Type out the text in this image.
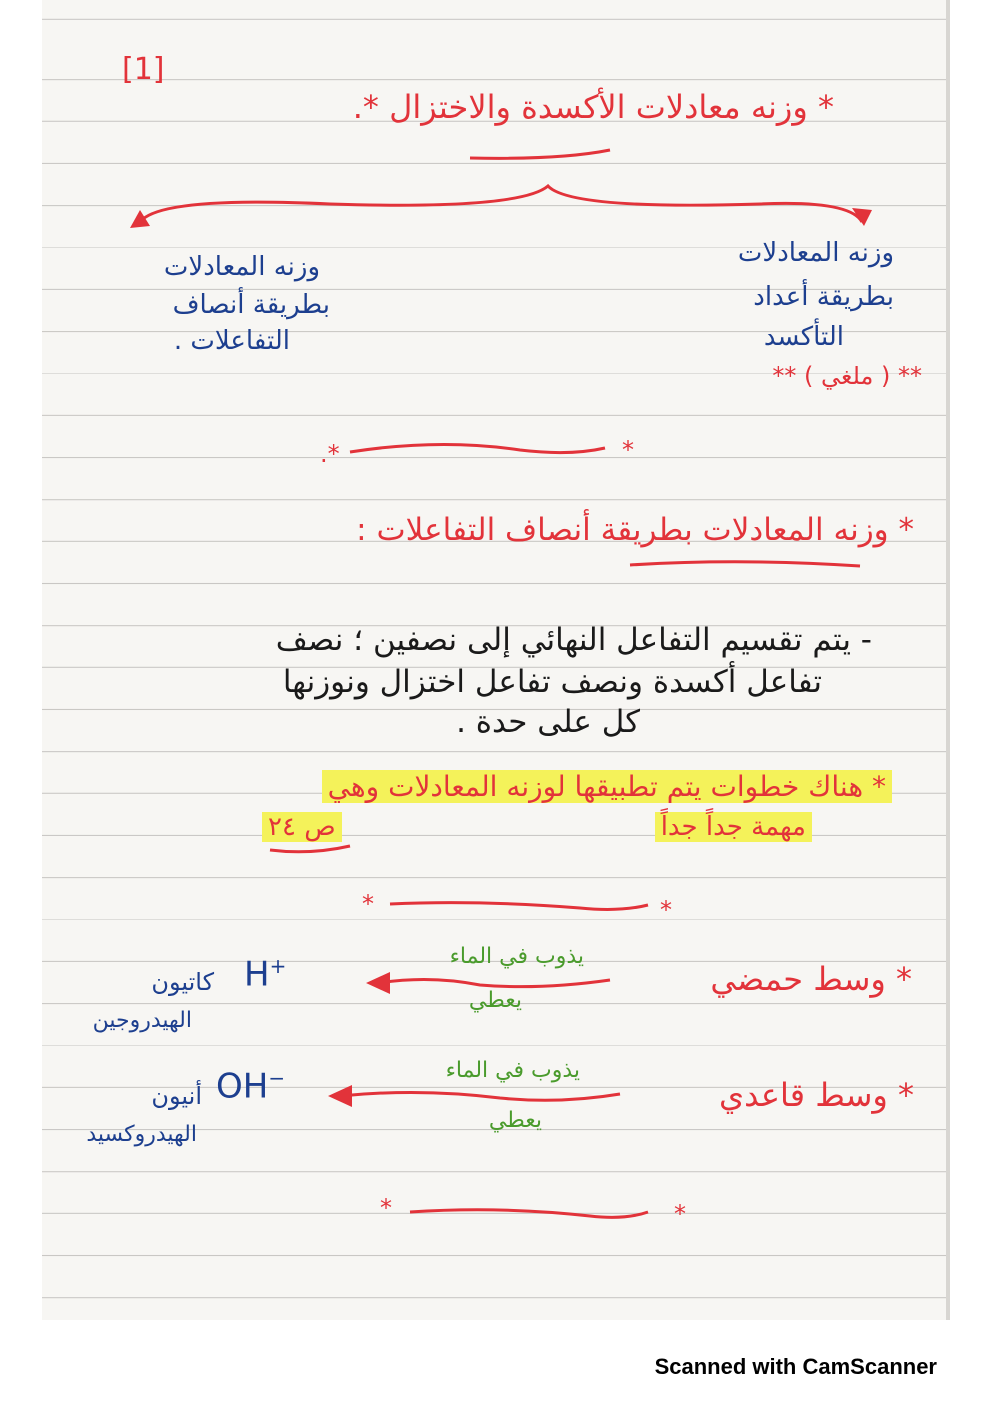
[1]
* وزنه معادلات الأكسدة والاختزال *.
وزنه المعادلات
بطريقة أعداد
التأكسد
** ( ملغي ) **
وزنه المعادلات
بطريقة أنصاف
التفاعلات .
*.	*
* وزنه المعادلات بطريقة أنصاف التفاعلات :
- يتم تقسيم التفاعل النهائي إلى نصفين ؛ نصف
تفاعل أكسدة ونصف تفاعل اختزال ونوزنها
كل على حدة .
* هناك خطوات يتم تطبيقها لوزنه المعادلات وهي
مهمة جداً جداً
ص ٢٤
*	*
* وسط حمضي
يذوب في الماء
يعطي
H+
كاتيون
الهيدروجين
* وسط قاعدي
يذوب في الماء
يعطي
OH−
أنيون
الهيدروكسيد
*	*
Scanned with CamScanner
